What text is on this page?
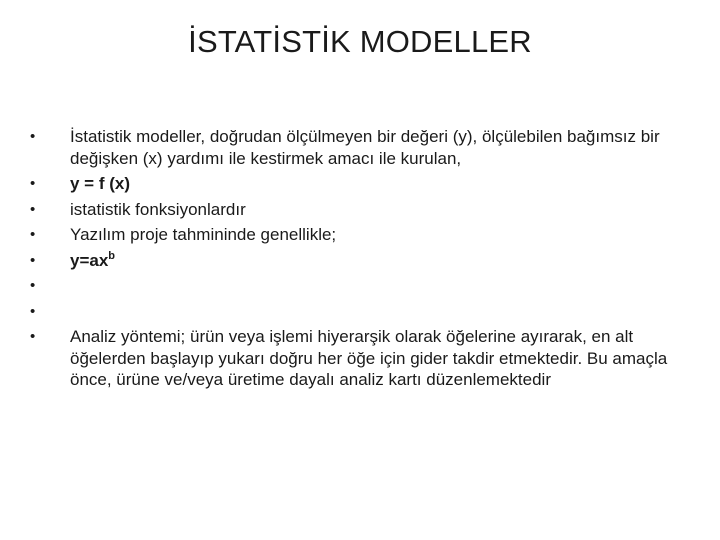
İSTATİSTİK MODELLER
•	İstatistik modeller, doğrudan ölçülmeyen bir değeri (y), ölçülebilen bağımsız bir değişken (x) yardımı ile kestirmek amacı ile kurulan,
•	y = f (x)
•	istatistik fonksiyonlardır
•	Yazılım proje tahmininde genellikle;
•	$y=ax^b$
•
•
•	Analiz yöntemi; ürün veya işlemi hiyerarşik olarak öğelerine ayırarak, en alt öğelerden başlayıp yukarı doğru her öğe için gider takdir etmektedir. Bu amaçla önce, ürüne ve/veya üretime dayalı analiz kartı düzenlemektedir
